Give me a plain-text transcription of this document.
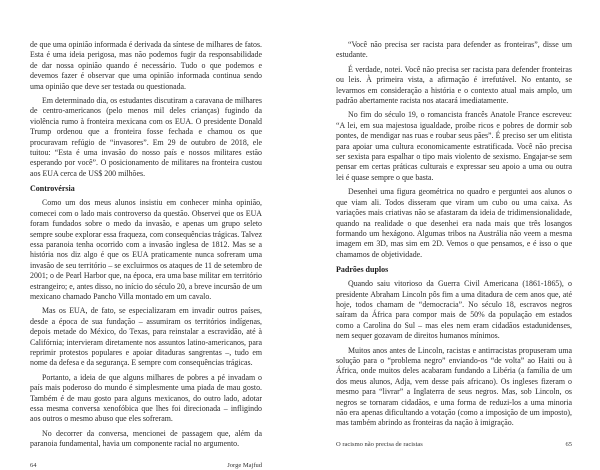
de que uma opinião informada é derivada da síntese de milhares de fatos. Esta é uma ideia perigosa, mas não podemos fugir da responsabilidade de dar nossa opinião quando é necessário. Tudo o que podemos e devemos fazer é observar que uma opinião informada continua sendo uma opinião que deve ser testada ou questionada.

Em determinado dia, os estudantes discutiram a caravana de milhares de centro-americanos (pelo menos mil deles crianças) fugindo da violência rumo à fronteira mexicana com os EUA. O presidente Donald Trump ordenou que a fronteira fosse fechada e chamou os que procuravam refúgio de “invasores”. Em 29 de outubro de 2018, ele tuitou: “Esta é uma invasão do nosso país e nossos militares estão esperando por você”. O posicionamento de militares na fronteira custou aos EUA cerca de US$ 200 milhões.

Controvérsia

Como um dos meus alunos insistiu em conhecer minha opinião, comecei com o lado mais controverso da questão. Observei que os EUA foram fundados sobre o medo da invasão, e apenas um grupo seleto sempre soube explorar essa fraqueza, com consequências trágicas. Talvez essa paranoia tenha ocorrido com a invasão inglesa de 1812. Mas se a história nos diz algo é que os EUA praticamente nunca sofreram uma invasão de seu território – se excluirmos os ataques de 11 de setembro de 2001; o de Pearl Harbor que, na época, era uma base militar em território estrangeiro; e, antes disso, no início do século 20, a breve incursão de um mexicano chamado Pancho Villa montado em um cavalo.

Mas os EUA, de fato, se especializaram em invadir outros países, desde a época de sua fundação – assumiram os territórios indígenas, depois metade do México, do Texas, para reinstalar a escravidão, até à Califórnia; intervieram diretamente nos assuntos latino-americanos, para reprimir protestos populares e apoiar ditaduras sangrentas –, tudo em nome da defesa e da segurança. E sempre com consequências trágicas.

Portanto, a ideia de que alguns milhares de pobres a pé invadam o país mais poderoso do mundo é simplesmente uma piada de mau gosto. Também é de mau gosto para alguns mexicanos, do outro lado, adotar essa mesma conversa xenofóbica que lhes foi direcionada – infligindo aos outros o mesmo abuso que eles sofreram.

No decorrer da conversa, mencionei de passagem que, além da paranoia fundamental, havia um componente racial no argumento.

64	Jorge Majfud

“Você não precisa ser racista para defender as fronteiras”, disse um estudante.

É verdade, notei. Você não precisa ser racista para defender fronteiras ou leis. À primeira vista, a afirmação é irrefutável. No entanto, se levarmos em consideração a história e o contexto atual mais amplo, um padrão abertamente racista nos atacará imediatamente.

No fim do século 19, o romancista francês Anatole France escreveu: “A lei, em sua majestosa igualdade, proíbe ricos e pobres de dormir sob pontes, de mendigar nas ruas e roubar seus pães”. É preciso ser um elitista para apoiar uma cultura economicamente estratificada. Você não precisa ser sexista para espalhar o tipo mais violento de sexismo. Engajar-se sem pensar em certas práticas culturais e expressar seu apoio a uma ou outra lei é quase sempre o que basta.

Desenhei uma figura geométrica no quadro e perguntei aos alunos o que viam ali. Todos disseram que viram um cubo ou uma caixa. As variações mais criativas não se afastaram da ideia de tridimensionalidade, quando na realidade o que desenhei era nada mais que três losangos formando um hexágono. Algumas tribos na Austrália não veem a mesma imagem em 3D, mas sim em 2D. Vemos o que pensamos, e é isso o que chamamos de objetividade.

Padrões duplos

Quando saiu vitorioso da Guerra Civil Americana (1861-1865), o presidente Abraham Lincoln pôs fim a uma ditadura de cem anos que, até hoje, todos chamam de “democracia”. No século 18, escravos negros saíram da África para compor mais de 50% da população em estados como a Carolina do Sul – mas eles nem eram cidadãos estadunidenses, nem sequer gozavam de direitos humanos mínimos.

Muitos anos antes de Lincoln, racistas e antirracistas propuseram uma solução para o “problema negro” enviando-os “de volta” ao Haiti ou à África, onde muitos deles acabaram fundando a Libéria (a família de um dos meus alunos, Adja, vem desse país africano). Os ingleses fizeram o mesmo para “livrar” a Inglaterra de seus negros. Mas, sob Lincoln, os negros se tornaram cidadãos, e uma forma de reduzi-los a uma minoria não era apenas dificultando a votação (como a imposição de um imposto), mas também abrindo as fronteiras da nação à imigração.

O racismo não precisa de racistas	65
